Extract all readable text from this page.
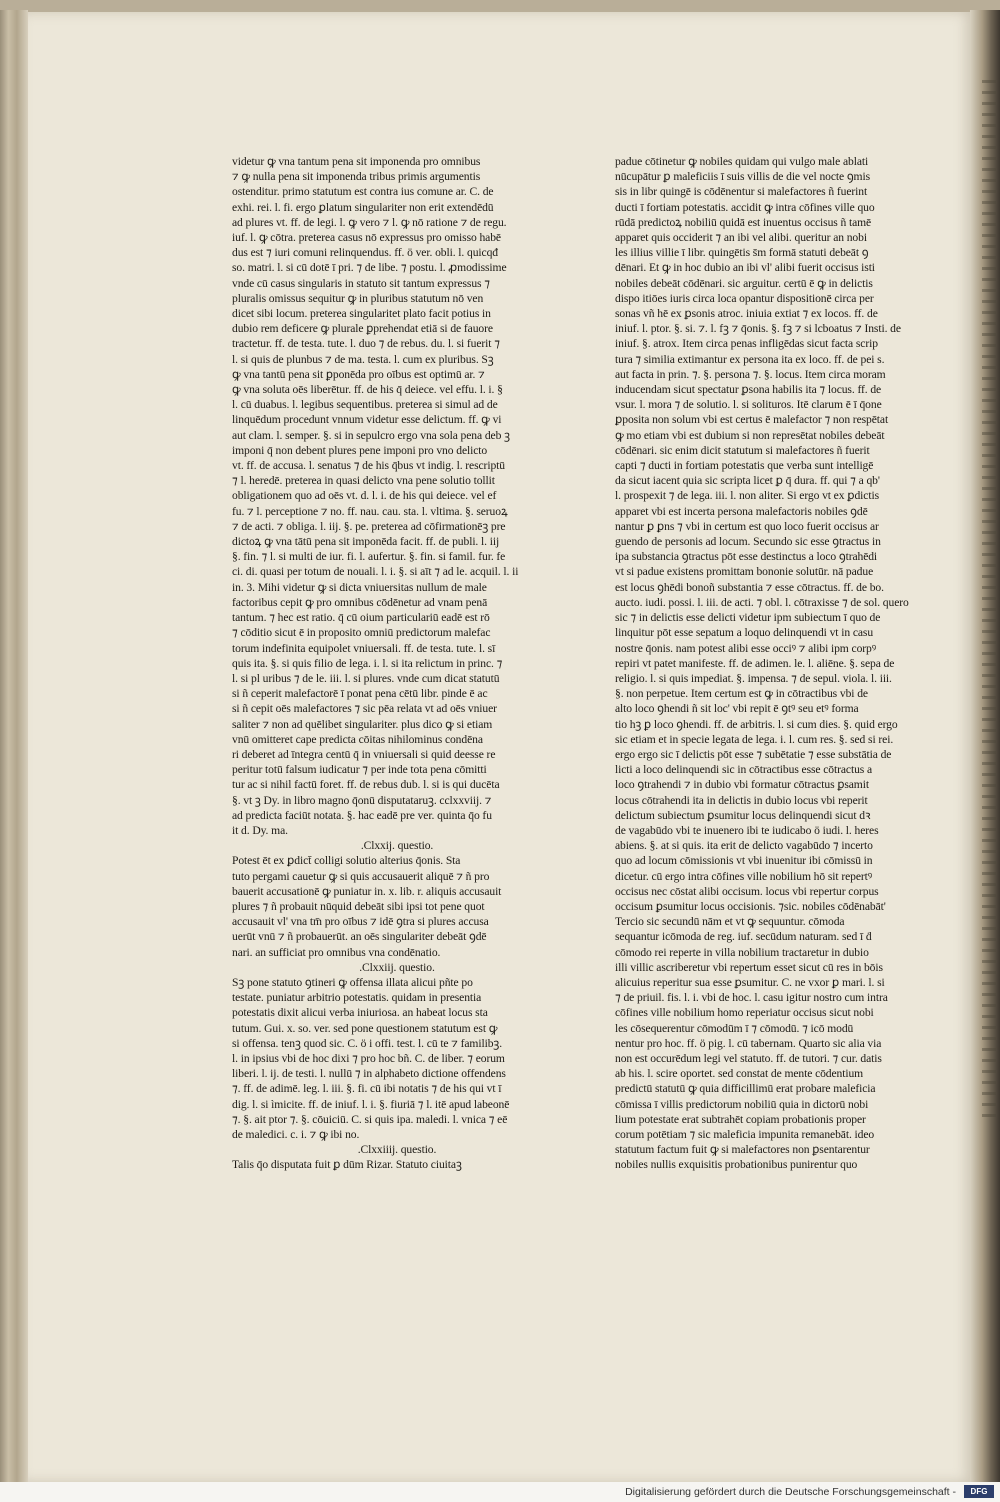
videtur ꝙ vna tantum pena sit imponenda pro omnibus

⁊ ꝙ nulla pena sit imponenda tribus primis argumentis

ostenditur. primo statutum est contra ius comune ar. C. de

exhi. rei. l. fi. ergo ꝑlatum singulariter non erit extendēdū

ad plures vt. ff. de legi. l. ꝙ vero ⁊ l. ꝙ nō ratione ⁊ de regu.

iuf. l. ꝙ cōtra. preterea casus nō expressus pro omisso habē

dus est ⁊ iuri comuni relinquendus. ff. ö ver. obli. l. quicqđ

so. matri. l. si cū dotē ī pri. ⁊ de libe. ⁊ postu. l. ꝓmodissime

vnde cū casus singularis in statuto sit tantum expressus ⁊

pluralis omissus sequitur ꝙ in pluribus statutum nō ven

dicet sibi locum. preterea singularitet plato facit potius in

dubio rem deficere ꝙ plurale ꝑprehendat etiā si de fauore

tractetur. ff. de testa. tute. l. duo ⁊ de rebus. du. l. si fuerit ⁊

l. si quis de plunbus ⁊ de ma. testa. l. cum ex pluribus. Sꝫ

ꝙ vna tantū pena sit ꝑponēda pro oībus est optimū ar. ⁊

ꝙ vna soluta oēs liberētur. ff. de his q̄ deiece. vel effu. l. i. §

l. cū duabus. l. legibus sequentibus. preterea si simul ad de

linquēdum procedunt vnnum videtur esse delictum. ff. ꝙ vi

aut clam. l. semper. §. si in sepulcro ergo vna sola pena deb ꝫ

imponi q̄ non debent plures pene imponi pro vno delicto

vt. ff. de accusa. l. senatus ⁊ de his q̄bus vt indig. l. rescriptū

⁊ l. heredē. preterea in quasi delicto vna pene solutio tollit

obligationem quo ad oēs vt. d. l. i. de his qui deiece. vel ef

fu. ⁊ l. perceptione ⁊ no. ff. nau. cau. sta. l. vltima. §. seruoꝝ

⁊ de acti. ⁊ obliga. l. iij. §. pe. preterea ad cōfirmationēꝫ pre

dictoꝝ ꝙ vna tātū pena sit imponēda facit. ff. de publi. l. iij

§. fin. ⁊ l. si multi de iur. fi. l. aufertur. §. fin. si famil. fur. fe

ci. di. quasi per totum de nouali. l. i. §. si aīt ⁊ ad le. acquil. l. ii

in. 3. Mihi videtur ꝙ si dicta vniuersitas nullum de male

factoribus cepit ꝙ pro omnibus cōdēnetur ad vnam penā

tantum. ⁊ hec est ratio. q̄ cū oium particulariū eadē est rō

⁊ cōditio sicut ē in proposito omniū predictorum malefac

torum indefinita equipolet vniuersali. ff. de testa. tute. l. sī

quis ita. §. si quis filio de lega. i. l. si ita relictum in princ. ⁊

l. si pl uribus ⁊ de le. iii. l. si plures. vnde cum dicat statutū

si ñ ceperit malefactorē ī ponat pena cētū libr. pinde ē ac

si ñ cepit oēs malefactores ⁊ sic pēa relata vt ad oēs vniuer

saliter ⁊ non ad quēlibet singulariter. plus dico ꝙ si etiam

vnū omitteret cape predicta cōitas nihilominus condēna

ri deberet ad īntegra centū q̄ in vniuersali si quid deesse re

peritur totū falsum iudicatur ⁊ per inde tota pena cōmitti

tur ac si nihil factū foret. ff. de rebus dub. l. si is qui ducēta

§. vt ꝫ Dy. in libro magno q̄onū disputataruꝫ. cclxxviij. ⁊

ad predicta faciūt notata. §. hac eadē pre ver. quinta q̄o fu

it d. Dy. ma.

.Clxxij. questio.

Potest ēt ex ꝑdict̄ colligi solutio alterius q̄onis. Sta

tuto pergami cauetur ꝙ si quis accusauerit aliquē ⁊ ñ pro

bauerit accusationē ꝙ puniatur in. x. lib. r. aliquis accusauit

plures ⁊ ñ probauit nūquid debeāt sibi ipsi tot pene quot

accusauit vl' vna tm̄ pro oībus ⁊ idē ꝯtra si plures accusa

uerūt vnū ⁊ ñ probauerūt. an oēs singulariter debeāt ꝯdē

nari. an sufficiat pro omnibus vna condēnatio.

.Clxxiij. questio.

Sꝫ pone statuto ꝯtineri ꝙ offensa illata alicui pñte po

testate. puniatur arbitrio potestatis. quidam in presentia

potestatis dixit alicui verba iniuriosa. an habeat locus sta

tutum. Gui. x. so. ver. sed pone questionem statutum est ꝙ

si offensa. tenꝫ quod sic. C. ö i offi. test. l. cū te ⁊ familibꝫ.

l. in ipsius vbi de hoc dixi ⁊ pro hoc bñ. C. de liber. ⁊ eorum

liberi. l. ij. de testi. l. nullū ⁊ in alphabeto dictione offendens

⁊. ff. de adimē. leg. l. iii. §. fi. cū ibi notatis ⁊ de his qui vt ī

dig. l. si ìmicite. ff. de iniuf. l. i. §. fiuriā ⁊ l. itē apud labeonē

⁊. §. ait ptor ⁊. §. cōuiciū. C. si quis ipa. maledi. l. vnica ⁊ eē

de maledici. c. i. ⁊ ꝙ ibi no.

.Clxxiiij. questio.

Talis q̄o disputata fuit ꝑ dūm Rizar. Statuto ciuitaꝫ

padue cōtinetur ꝙ nobiles quidam qui vulgo male ablati

nūcupātur ꝑ maleficiis ī suis villis de die vel nocte ꝯmis

sis in libr quingē is cōdēnentur si malefactores ñ fuerint

ducti ī fortiam potestatis. accidit ꝙ intra cōfines ville quo

rūdā predictoꝝ nobiliū quidā est inuentus occisus ñ tamē

apparet quis occiderit ⁊ an ibi vel alibi. queritur an nobi

les illius villie ī libr. quingētis s̄m formā statuti debeāt ꝯ

dēnari. Et ꝙ in hoc dubio an ibi vl' alibi fuerit occisus isti

nobiles debeāt cōdēnari. sic arguitur. certū ē ꝙ in delictis

dispo itiōes iuris circa loca opantur dispositionē circa per

sonas vñ hē ex ꝑsonis atroc. iniuia extiat ⁊ ex locos. ff. de

iniuf. l. ptor. §. si. ⁊. l. fꝫ ⁊ q̄onis. §. fꝫ ⁊ si lcboatus ⁊ Insti. de

iniuf. §. atrox. Item circa penas infligēdas sicut facta scrip

tura ⁊ similia extimantur ex persona ita ex loco. ff. de pei s.

aut facta in prin. ⁊. §. persona ⁊. §. locus. Item circa moram

inducendam sicut spectatur ꝑsona habilis ita ⁊ locus. ff. de

vsur. l. mora ⁊ de solutio. l. si solituros. Itē clarum ē ī q̄one

ꝑposita non solum vbi est certus ē malefactor ⁊ non respētat

ꝙ mo etiam vbi est dubium si non represētat nobiles debeāt

cōdēnari. sic enim dicit statutum si malefactores ñ fuerit

capti ⁊ ducti in fortiam potestatis que verba sunt intelligē

da sicut iacent quia sic scripta licet ꝑ q̄ dura. ff. qui ⁊ a qb'

l. prospexit ⁊ de lega. iii. l. non aliter. Si ergo vt ex ꝑdictis

apparet vbi est incerta persona malefactoris nobiles ꝯdē

nantur ꝑ ꝑns ⁊ vbi in certum est quo loco fuerit occisus ar

guendo de personis ad locum. Secundo sic esse ꝯtractus in

ipa substancia ꝯtractus pōt esse destinctus a loco ꝯtrahēdi

vt si padue existens promittam bononie solutūr. nā padue

est locus ꝯhēdi bonoñ substantia ⁊ esse cōtractus. ff. de bo.

aucto. iudi. possi. l. iii. de acti. ⁊ obl. l. cōtraxisse ⁊ de sol. quero

sic ⁊ in delictis esse delicti videtur ipm subiectum ī quo de

linquitur pōt esse sepatum a loquo delinquendi vt in casu

nostre q̄onis. nam potest alibi esse occiꝰ ⁊ alibi ipm corpꝰ

repiri vt patet manifeste. ff. de adimen. le. l. aliēne. §. sepa de

religio. l. si quis impediat. §. impensa. ⁊ de sepul. viola. l. iii.

§. non perpetue. Item certum est ꝙ in cōtractibus vbi de

alto loco ꝯhendi ñ sit loc' vbi repit ē ꝯtꝰ seu etꝰ forma

tio hꝫ ꝑ loco ꝯhendi. ff. de arbitris. l. si cum dies. §. quid ergo

sic etiam et in specie legata de lega. i. l. cum res. §. sed si rei.

ergo ergo sic ī delictis pōt esse ⁊ subētatie ⁊ esse substātia de

licti a loco delinquendi sic in cōtractibus esse cōtractus a

loco ꝯtrahendi ⁊ in dubio vbi formatur cōtractus ꝑsamit

locus cōtrahendi ita in delictis in dubio locus vbi reperit

delictum subiectum ꝑsumitur locus delinquendi sicut dꝛ

de vagabūdo vbi te inuenero ibi te iudicabo ö iudi. l. heres

abiens. §. at si quis. ita erit de delicto vagabūdo ⁊ incerto

quo ad locum cōmissionis vt vbi inuenitur ibi cōmissū in

dicetur. cū ergo intra cōfines ville nobilium hō sit repertꝰ

occisus nec cōstat alibi occisum. locus vbi repertur corpus

occisum ꝑsumitur locus occisionis. ⁊sic. nobiles cōdēnabāt'

Tercio sic secundū nām et vt ꝙ sequuntur. cōmoda

sequantur icōmoda de reg. iuf. secūdum naturam. sed ī ḋ

cōmodo rei reperte in villa nobilium tractaretur in dubio

illi villic ascriberetur vbi repertum esset sicut cū res in bōis

alicuius reperitur sua esse ꝑsumitur. C. ne vxor ꝑ mari. l. si

⁊ de priuil. fis. l. i. vbi de hoc. l. casu igitur nostro cum intra

cōfines ville nobilium homo reperiatur occisus sicut nobi

les cōsequerentur cōmodūm ī ⁊ cōmodū. ⁊ icō modū

nentur pro hoc. ff. ö pig. l. cū tabernam. Quarto sic alia via

non est occurēdum legi vel statuto. ff. de tutori. ⁊ cur. datis

ab his. l. scire oportet. sed constat de mente cōdentium

predictū statutū ꝙ quia difficillimū erat probare maleficia

cōmissa ī villis predictorum nobiliū quia in dictorū nobi

lium potestate erat subtrahēt copiam probationis proper

corum potētiam ⁊ sic maleficia impunita remanebāt. ideo

statutum factum fuit ꝙ si malefactores non ꝑsentarentur

nobiles nullis exquisitis probationibus punirentur quo

Digitalisierung gefördert durch die Deutsche Forschungsgemeinschaft -	DFG
